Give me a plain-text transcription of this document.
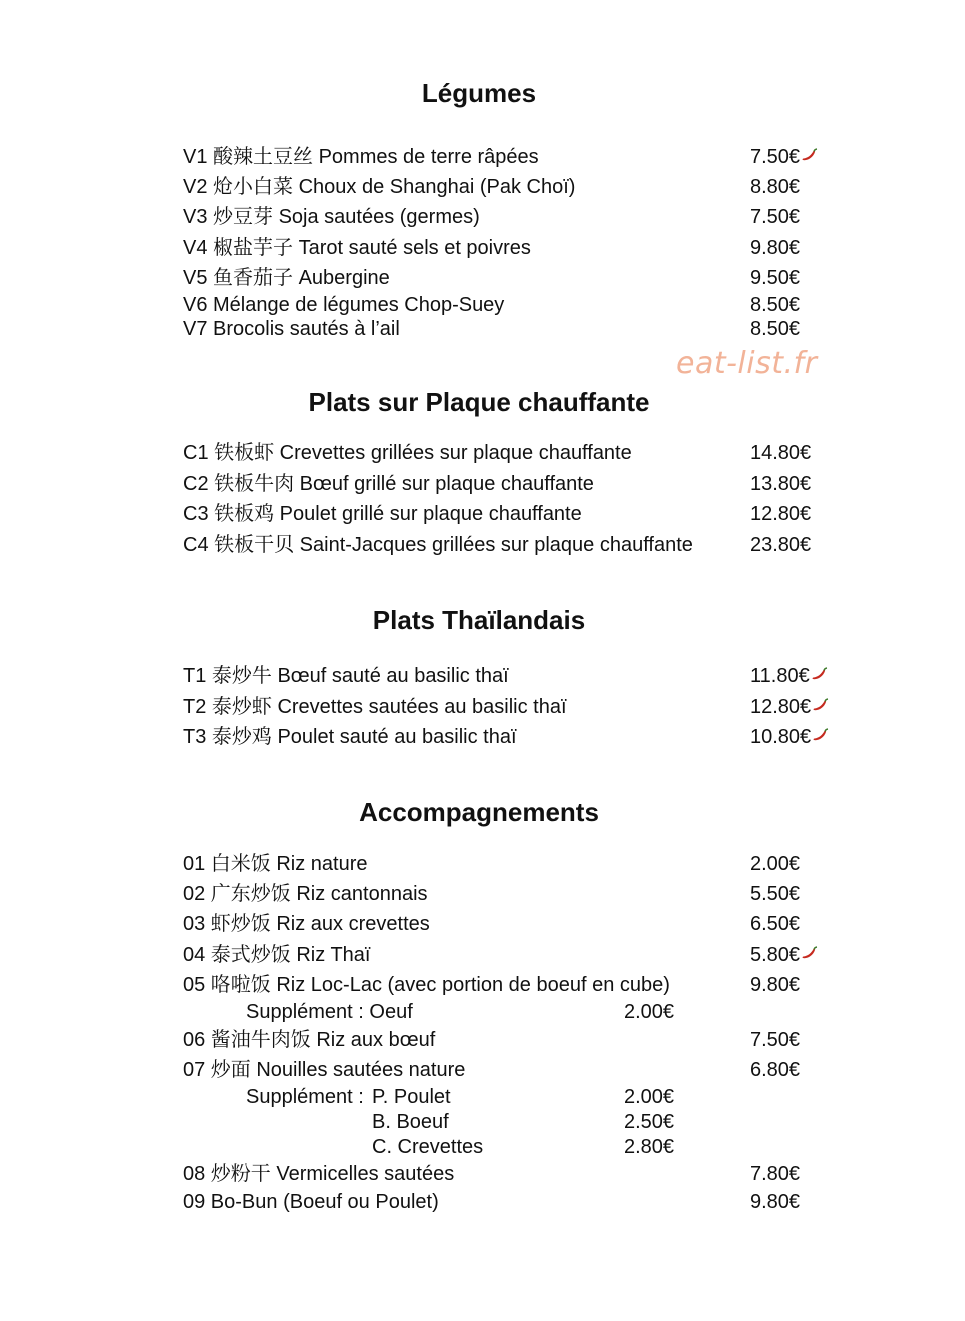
eat-list.fr
Légumes
V1 酸辣土豆丝 Pommes de terre râpées	7.50€
V2 炝小白菜 Choux de Shanghai (Pak Choï)	8.80€
V3 炒豆芽 Soja sautées (germes)	7.50€
V4 椒盐芋子 Tarot sauté sels et poivres	9.80€
V5 鱼香茄子 Aubergine	9.50€
V6 Mélange de légumes Chop-Suey	8.50€
V7 Brocolis sautés à l’ail	8.50€
Plats sur Plaque chauffante
C1 铁板虾 Crevettes grillées sur plaque chauffante	14.80€
C2 铁板牛肉 Bœuf grillé sur plaque chauffante	13.80€
C3 铁板鸡 Poulet grillé sur plaque chauffante	12.80€
C4 铁板干贝 Saint-Jacques grillées sur plaque chauffante	23.80€
Plats Thaïlandais
T1 泰炒牛 Bœuf sauté au basilic thaï	11.80€
T2 泰炒虾 Crevettes sautées au basilic thaï	12.80€
T3 泰炒鸡 Poulet sauté au basilic thaï	10.80€
Accompagnements
01 白米饭 Riz nature	2.00€
02 广东炒饭 Riz cantonnais	5.50€
03 虾炒饭 Riz aux crevettes	6.50€
04 泰式炒饭 Riz Thaï	5.80€
05 咯啦饭 Riz Loc-Lac (avec portion de boeuf en cube)	9.80€
Supplément : Oeuf	2.00€
06 酱油牛肉饭 Riz aux bœuf	7.50€
07 炒面 Nouilles sautées nature	6.80€
Supplément : P. Poulet	2.00€
B. Boeuf	2.50€
C. Crevettes	2.80€
08 炒粉干 Vermicelles sautées	7.80€
09 Bo-Bun (Boeuf ou Poulet)	9.80€
